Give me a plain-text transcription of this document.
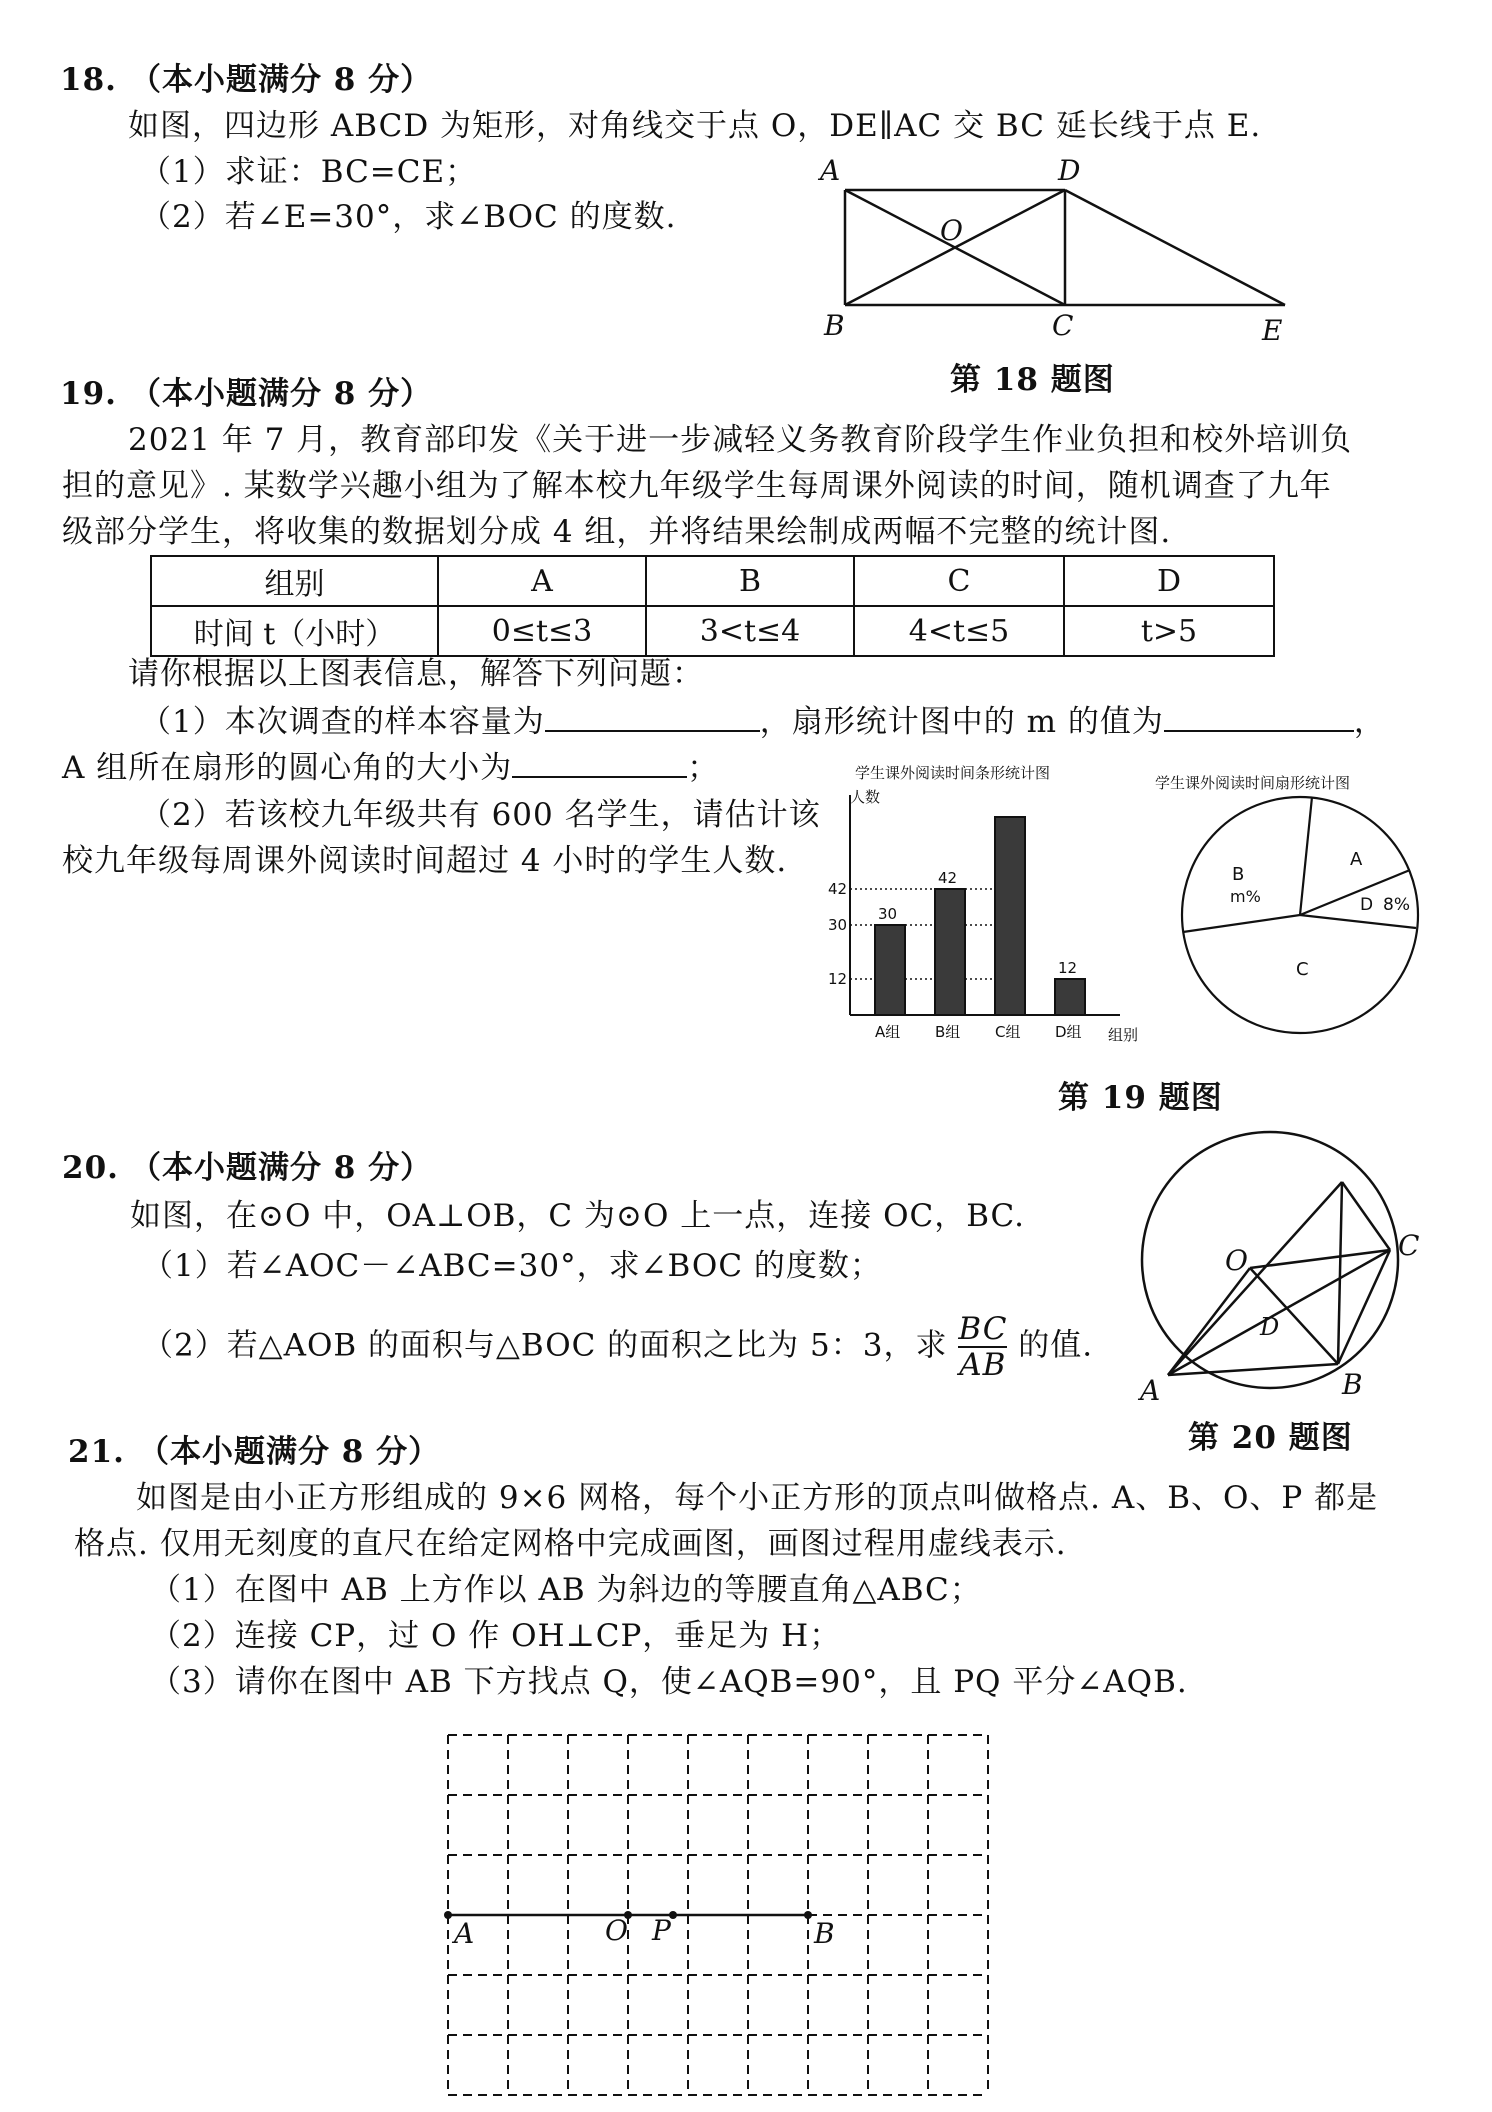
18. （本小题满分 8 分）
如图，四边形 ABCD 为矩形，对角线交于点 O，DE∥AC 交 BC 延长线于点 E.
（1）求证：BC=CE；
（2）若∠E=30°，求∠BOC 的度数.
A	D
O
B	C	E
第 18 题图
19. （本小题满分 8 分）
2021 年 7 月，教育部印发《关于进一步减轻义务教育阶段学生作业负担和校外培训负
担的意见》. 某数学兴趣小组为了解本校九年级学生每周课外阅读的时间，随机调查了九年
级部分学生，将收集的数据划分成 4 组，并将结果绘制成两幅不完整的统计图.
组别	A	B	C	D
时间 t（小时）	0≤t≤3	3<t≤4	4<t≤5	t>5
请你根据以上图表信息，解答下列问题：
（1）本次调查的样本容量为	，扇形统计图中的 m 的值为	，
A 组所在扇形的圆心角的大小为	；
（2）若该校九年级共有 600 名学生，请估计该
校九年级每周课外阅读时间超过 4 小时的学生人数.
学生课外阅读时间条形统计图
人数
组别
12
30
42
30
A组
42
B组 C组
12
D组
学生课外阅读时间扇形统计图
A
B
m%
C
D 8%
第 19 题图
20. （本小题满分 8 分）
如图，在⊙O 中，OA⊥OB，C 为⊙O 上一点，连接 OC，BC.
（1）若∠AOC－∠ABC=30°，求∠BOC 的度数；
（2）若△AOB 的面积与△BOC 的面积之比为 5：3，求 $\frac{BC}{AB}$ 的值.
O
D
C
A	B
第 20 题图
21. （本小题满分 8 分）
如图是由小正方形组成的 9×6 网格，每个小正方形的顶点叫做格点. A、B、O、P 都是
格点. 仅用无刻度的直尺在给定网格中完成画图，画图过程用虚线表示.
（1）在图中 AB 上方作以 AB 为斜边的等腰直角△ABC；
（2）连接 CP，过 O 作 OH⊥CP，垂足为 H；
（3）请你在图中 AB 下方找点 Q，使∠AQB=90°，且 PQ 平分∠AQB.
A	O P	B
